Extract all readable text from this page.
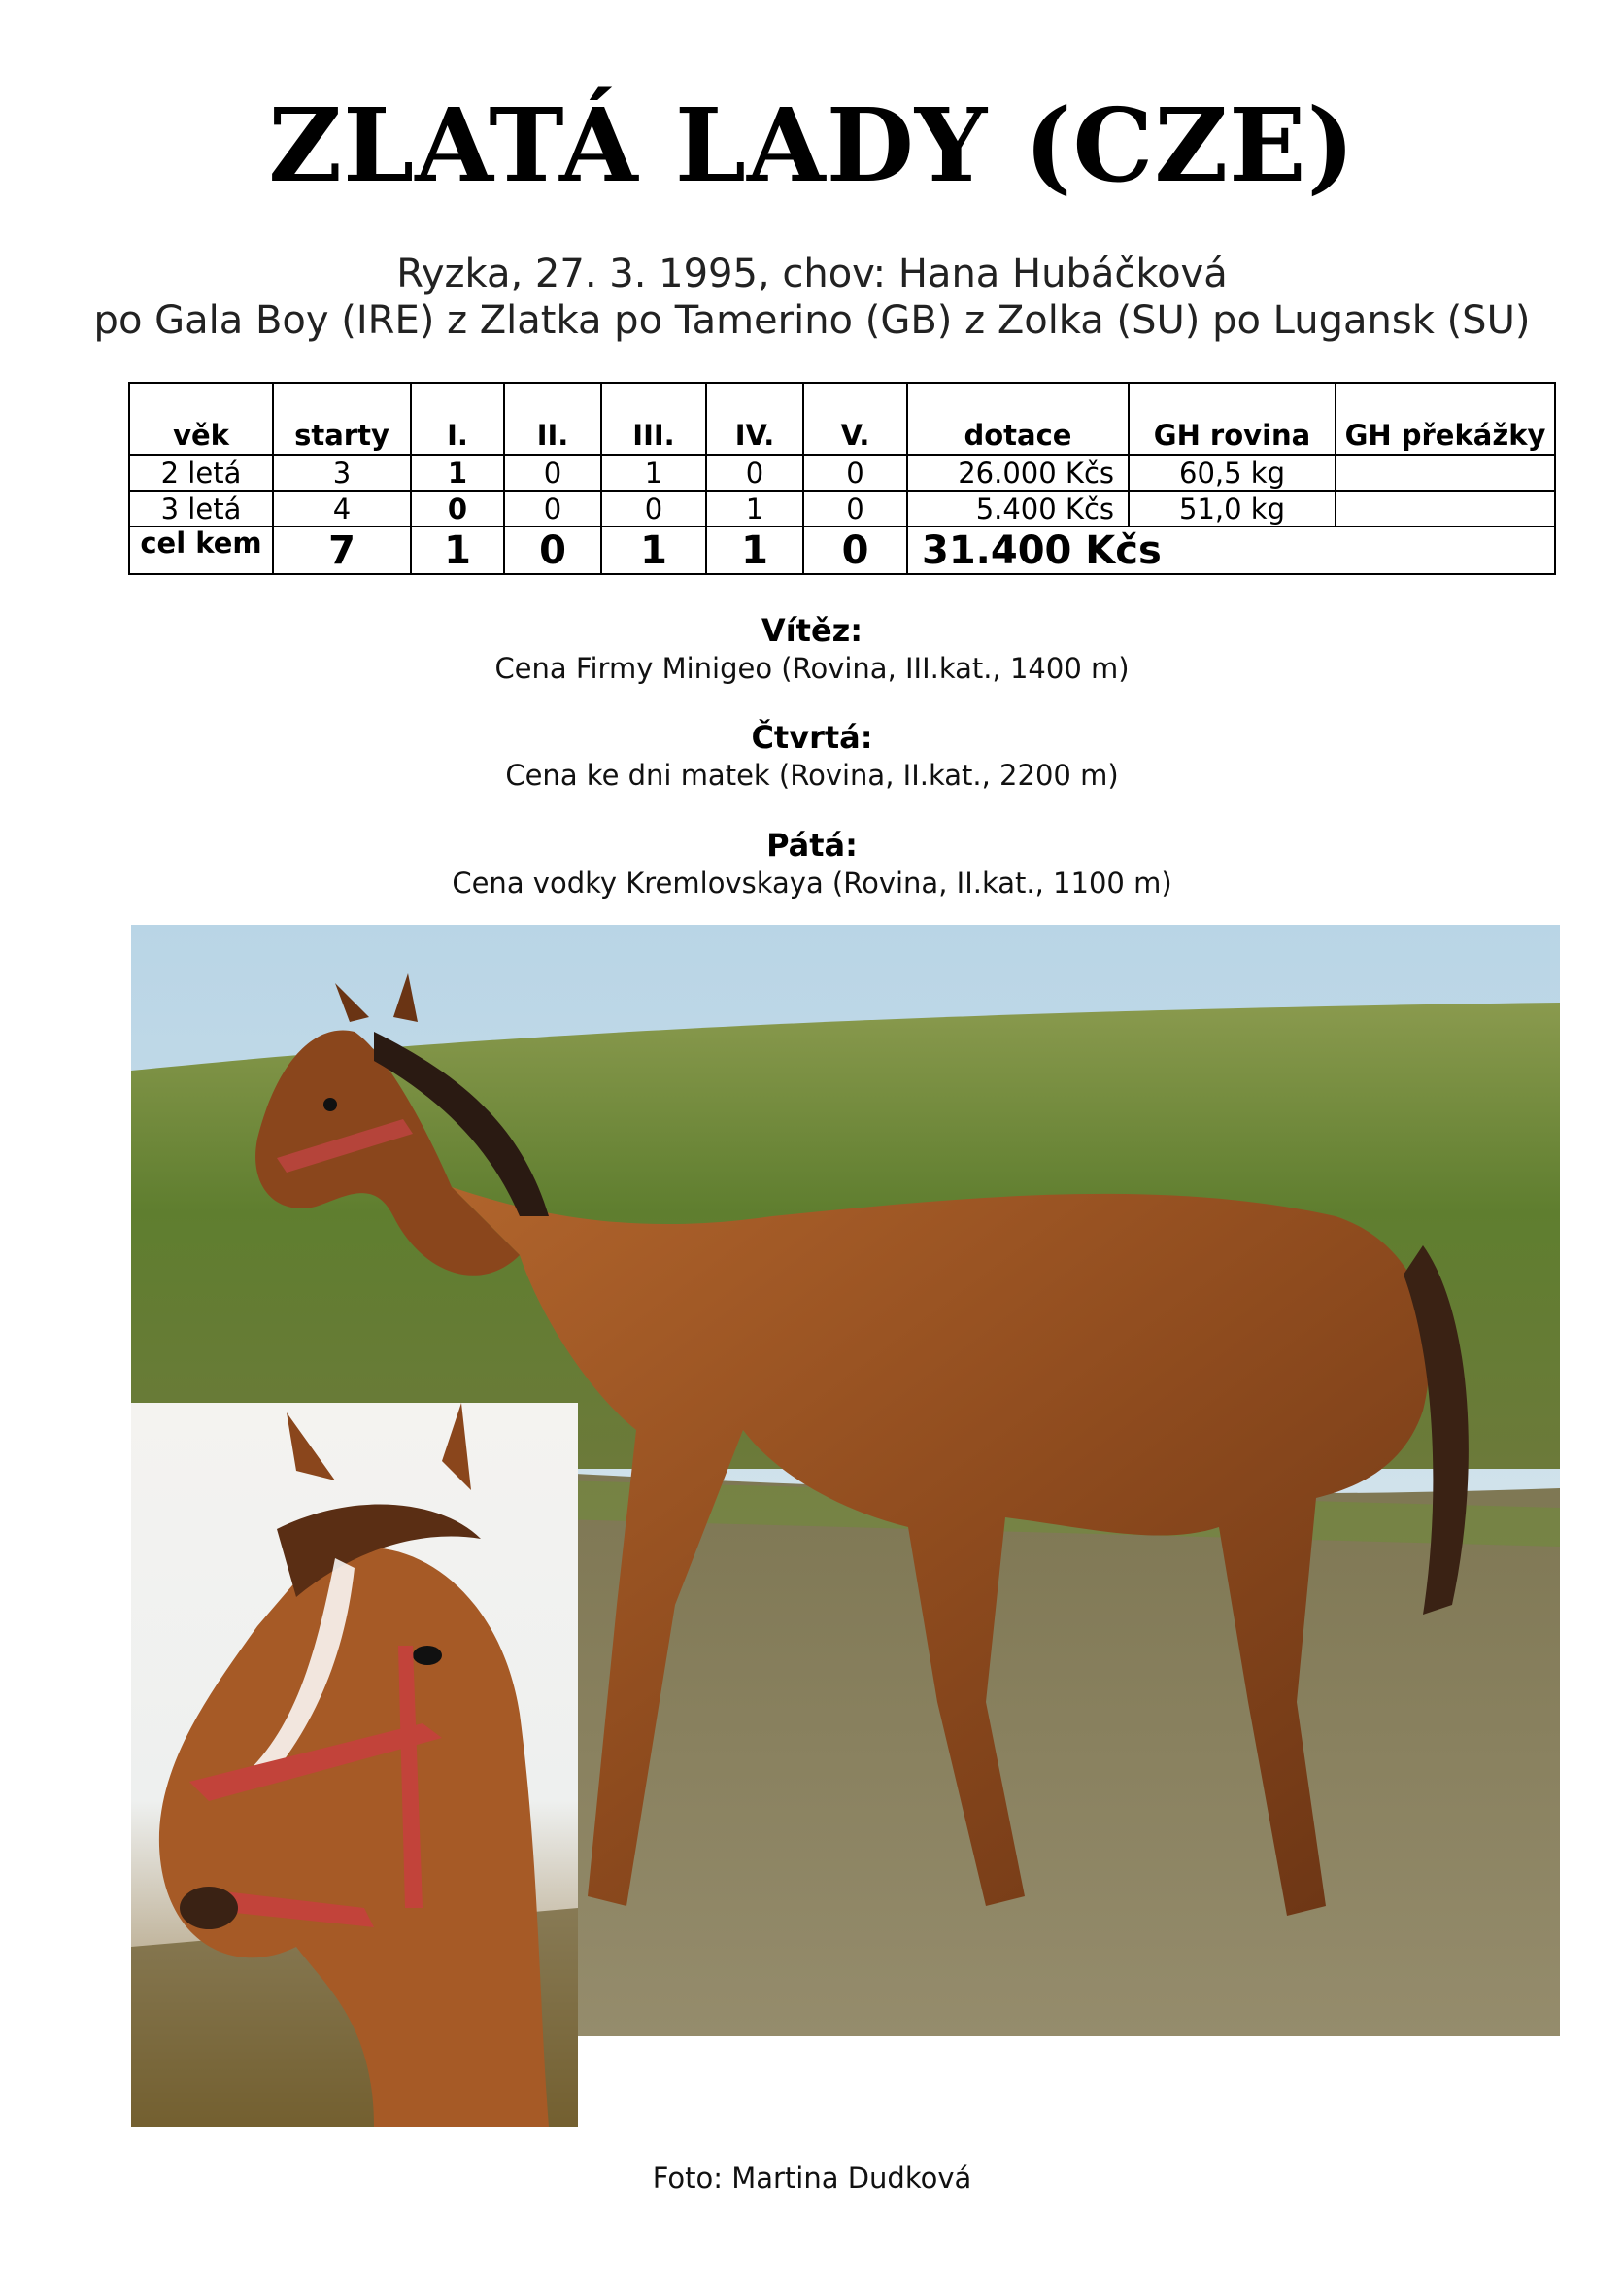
ZLATÁ LADY (CZE)
Ryzka, 27. 3. 1995, chov: Hana Hubáčková
po Gala Boy (IRE) z Zlatka po Tamerino (GB) z Zolka (SU) po Lugansk (SU)
věk	starty	I.	II.	III.	IV.	V.	dotace	GH rovina	GH překážky
2 letá	3	1	0	1	0	0	26.000 Kčs	60,5 kg	
3 letá	4	0	0	0	1	0	5.400 Kčs	51,0 kg	
cel kem	7	1	0	1	1	0	31.400 Kčs		
Vítěz:
Cena Firmy Minigeo (Rovina, III.kat., 1400 m)
Čtvrtá:
Cena ke dni matek (Rovina, II.kat., 2200 m)
Pátá:
Cena vodky Kremlovskaya (Rovina, II.kat., 1100 m)
Foto: Martina Dudková
